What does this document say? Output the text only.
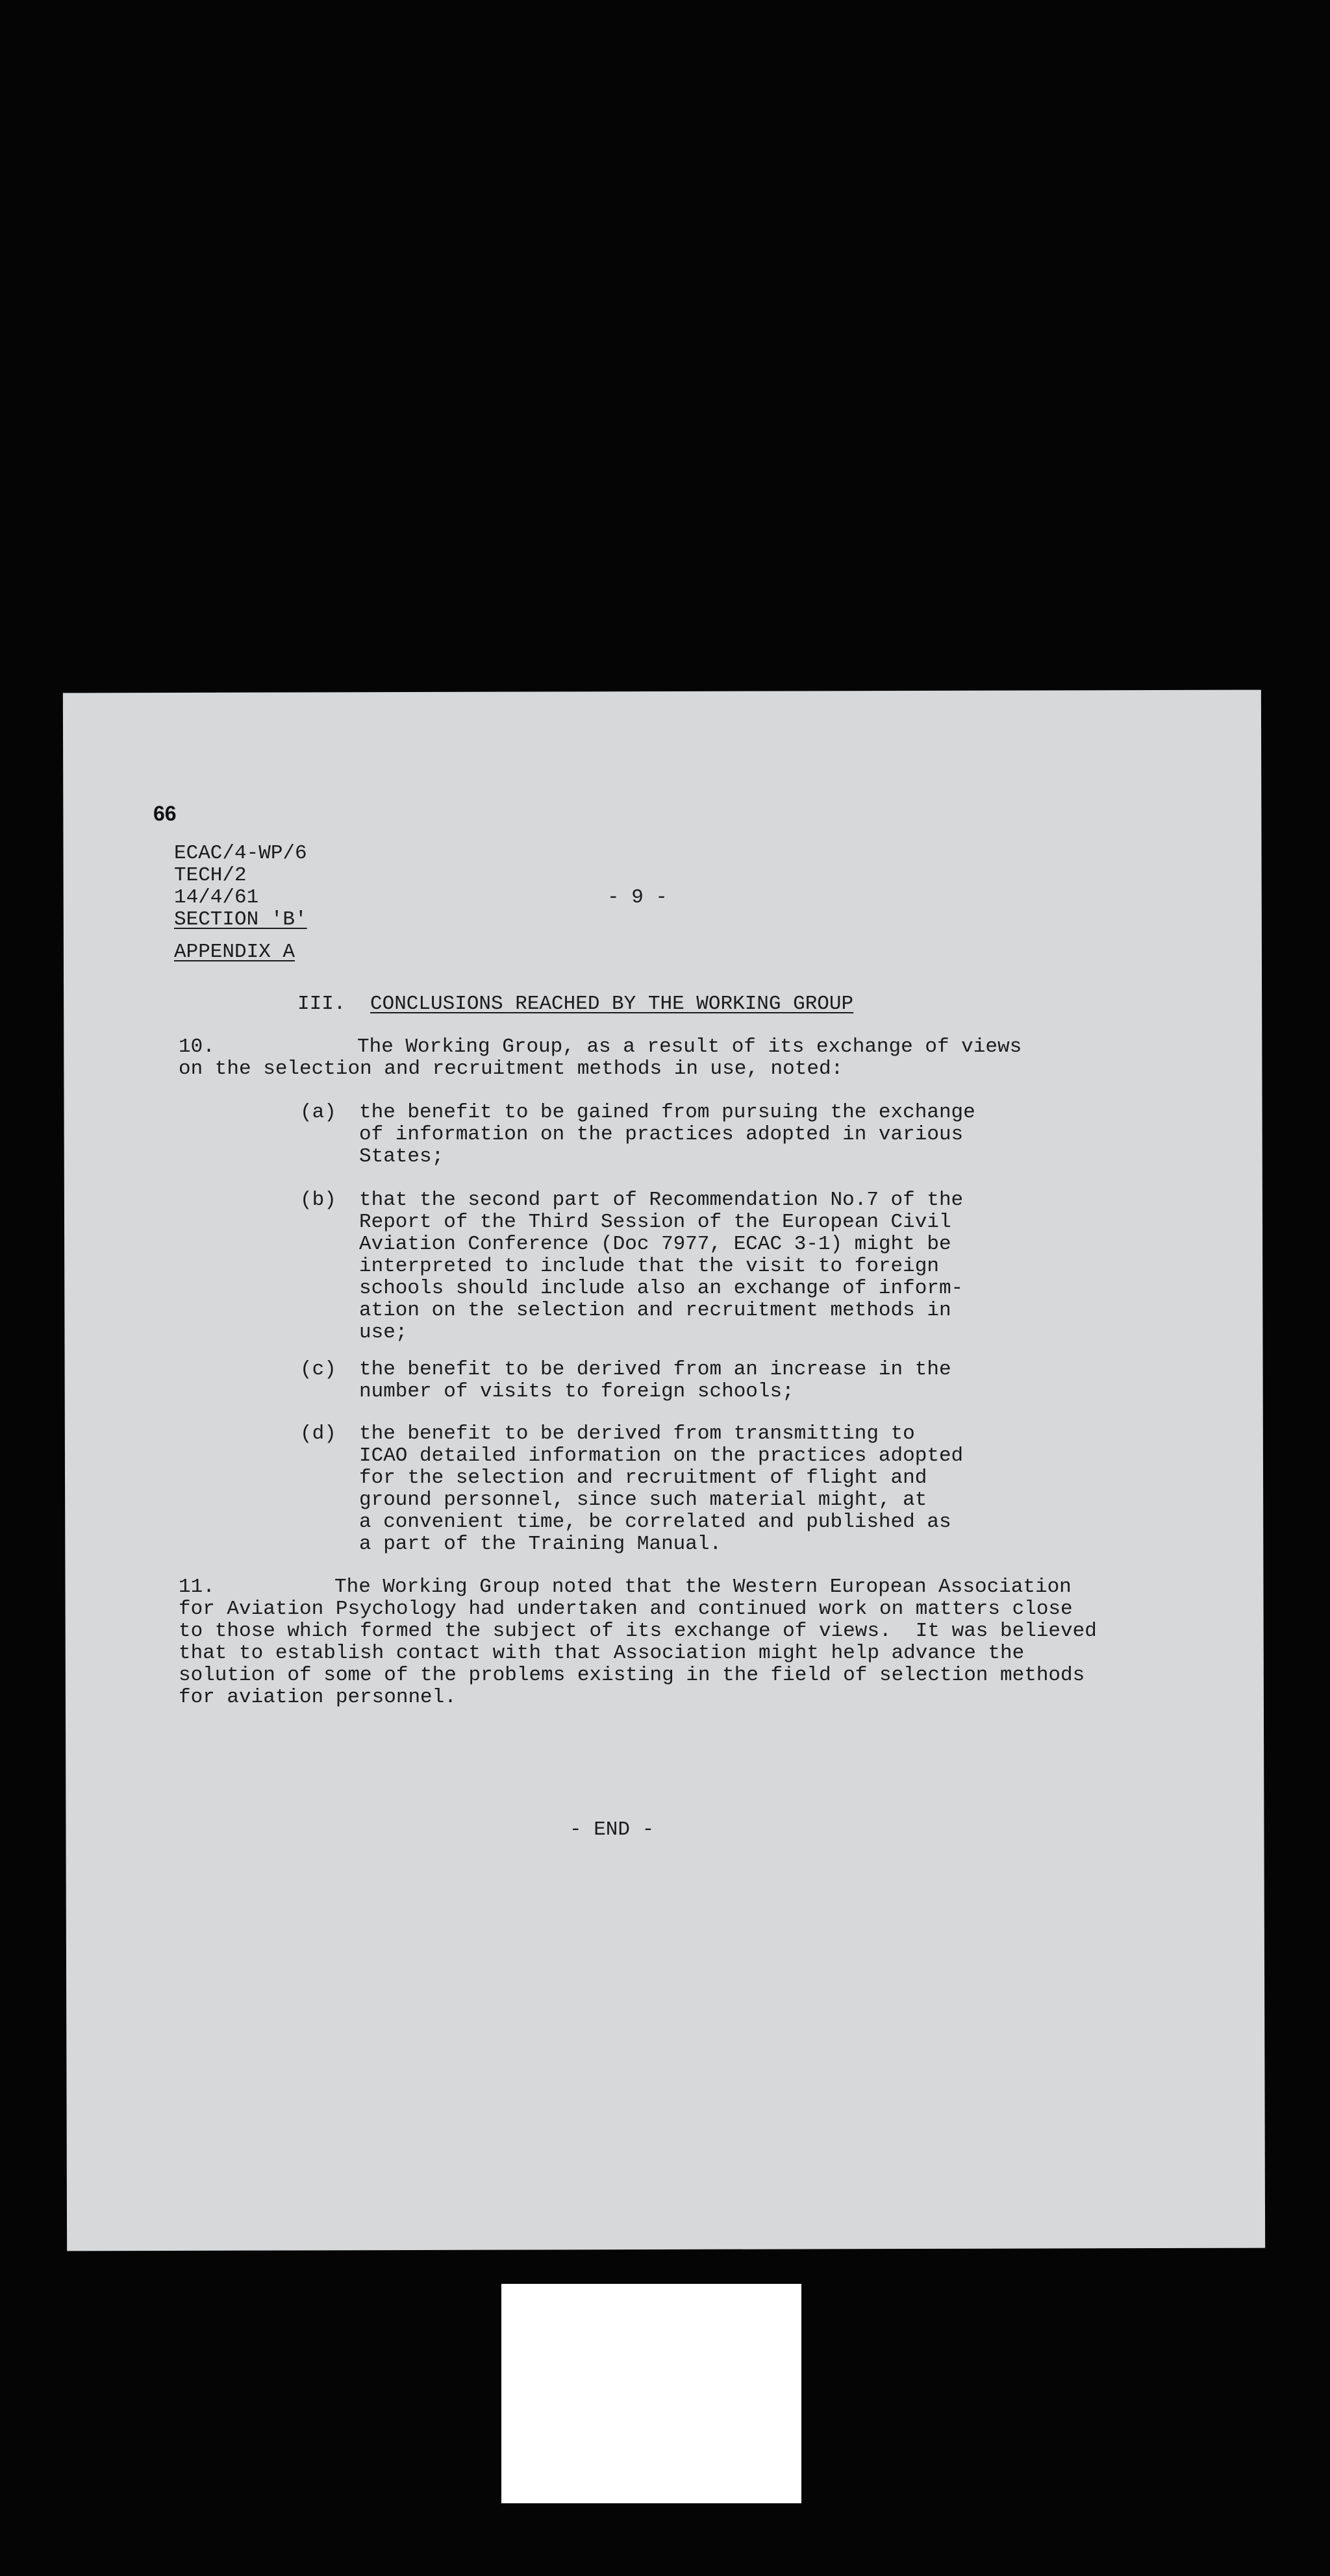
66
ECAC/4-WP/6
TECH/2
14/4/61
SECTION 'B'
APPENDIX A
- 9 -
III. CONCLUSIONS REACHED BY THE WORKING GROUP
10.	The Working Group, as a result of its exchange of views
on the selection and recruitment methods in use, noted:
(a) the benefit to be gained from pursuing the exchange
of information on the practices adopted in various
States;
(b) that the second part of Recommendation No.7 of the
Report of the Third Session of the European Civil
Aviation Conference (Doc 7977, ECAC 3-1) might be
interpreted to include that the visit to foreign
schools should include also an exchange of inform-
ation on the selection and recruitment methods in
use;
(c) the benefit to be derived from an increase in the
number of visits to foreign schools;
(d) the benefit to be derived from transmitting to
ICAO detailed information on the practices adopted
for the selection and recruitment of flight and
ground personnel, since such material might, at
a convenient time, be correlated and published as
a part of the Training Manual.
11.	The Working Group noted that the Western European Association
for Aviation Psychology had undertaken and continued work on matters close
to those which formed the subject of its exchange of views.  It was believed
that to establish contact with that Association might help advance the
solution of some of the problems existing in the field of selection methods
for aviation personnel.
- END -
